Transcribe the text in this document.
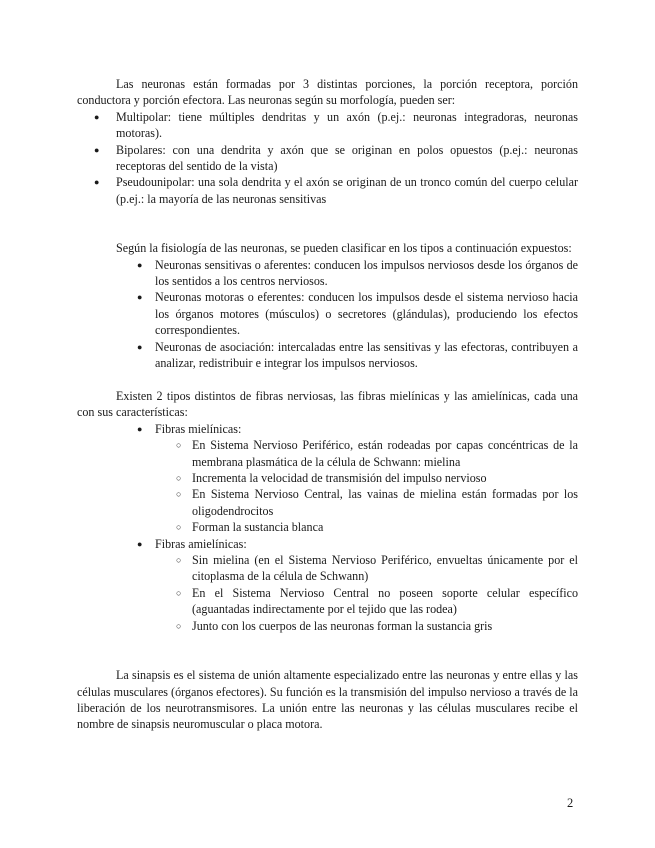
Las neuronas están formadas por 3 distintas porciones, la porción receptora, porción conductora y porción efectora. Las neuronas según su morfología, pueden ser:

● Multipolar: tiene múltiples dendritas y un axón (p.ej.: neuronas integradoras, neuronas motoras).
● Bipolares: con una dendrita y axón que se originan en polos opuestos (p.ej.: neuronas receptoras del sentido de la vista)
● Pseudounipolar: una sola dendrita y el axón se originan de un tronco común del cuerpo celular (p.ej.: la mayoría de las neuronas sensitivas

Según la fisiología de las neuronas, se pueden clasificar en los tipos a continuación expuestos:

● Neuronas sensitivas o aferentes: conducen los impulsos nerviosos desde los órganos de los sentidos a los centros nerviosos.
● Neuronas motoras o eferentes: conducen los impulsos desde el sistema nervioso hacia los órganos motores (músculos) o secretores (glándulas), produciendo los efectos correspondientes.
● Neuronas de asociación: intercaladas entre las sensitivas y las efectoras, contribuyen a analizar, redistribuir e integrar los impulsos nerviosos.

Existen 2 tipos distintos de fibras nerviosas, las fibras mielínicas y las amielínicas, cada una con sus características:

● Fibras mielínicas:
○ En Sistema Nervioso Periférico, están rodeadas por capas concéntricas de la membrana plasmática de la célula de Schwann: mielina
○ Incrementa la velocidad de transmisión del impulso nervioso
○ En Sistema Nervioso Central, las vainas de mielina están formadas por los oligodendrocitos
○ Forman la sustancia blanca
● Fibras amielínicas:
○ Sin mielina (en el Sistema Nervioso Periférico, envueltas únicamente por el citoplasma de la célula de Schwann)
○ En el Sistema Nervioso Central no poseen soporte celular específico (aguantadas indirectamente por el tejido que las rodea)
○ Junto con los cuerpos de las neuronas forman la sustancia gris

La sinapsis es el sistema de unión altamente especializado entre las neuronas y entre ellas y las células musculares (órganos efectores). Su función es la transmisión del impulso nervioso a través de la liberación de los neurotransmisores. La unión entre las neuronas y las células musculares recibe el nombre de sinapsis neuromuscular o placa motora.

2
